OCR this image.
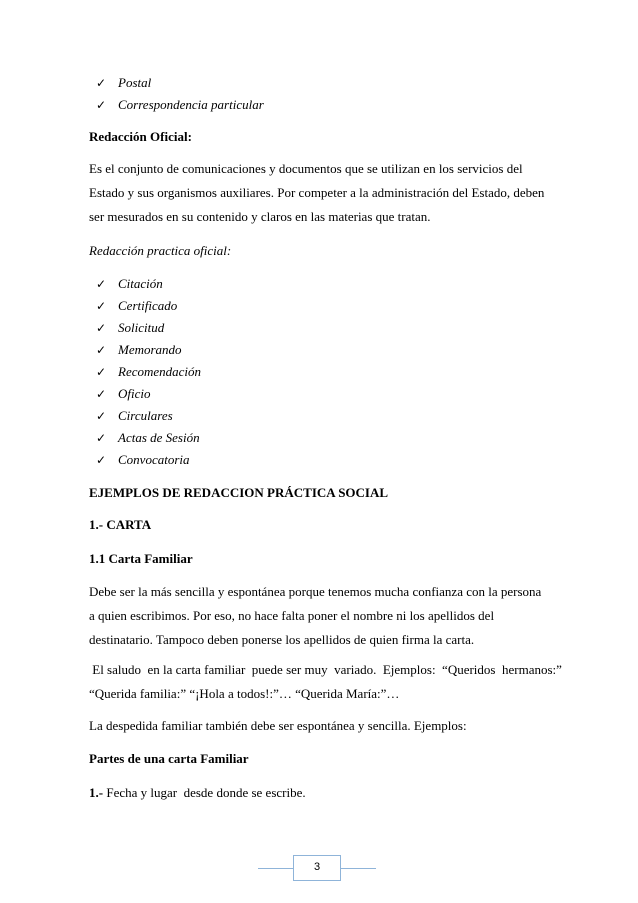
✓ Postal
✓ Correspondencia particular
Redacción Oficial:
Es el conjunto de comunicaciones y documentos que se utilizan en los servicios del
Estado y sus organismos auxiliares. Por competer a la administración del Estado, deben
ser mesurados en su contenido y claros en las materias que tratan.
Redacción practica oficial:
✓ Citación
✓ Certificado
✓ Solicitud
✓ Memorando
✓ Recomendación
✓ Oficio
✓ Circulares
✓ Actas de Sesión
✓ Convocatoria
EJEMPLOS DE REDACCION PRÁCTICA SOCIAL
1.- CARTA
1.1 Carta Familiar
Debe ser la más sencilla y espontánea porque tenemos mucha confianza con la persona
a quien escribimos. Por eso, no hace falta poner el nombre ni los apellidos del
destinatario. Tampoco deben ponerse los apellidos de quien firma la carta.
El saludo  en la carta familiar  puede ser muy  variado.  Ejemplos:  “Queridos  hermanos:”
“Querida familia:” “¡Hola a todos!:”… “Querida María:”…
La despedida familiar también debe ser espontánea y sencilla. Ejemplos:
Partes de una carta Familiar
1.- Fecha y lugar  desde donde se escribe.
3
